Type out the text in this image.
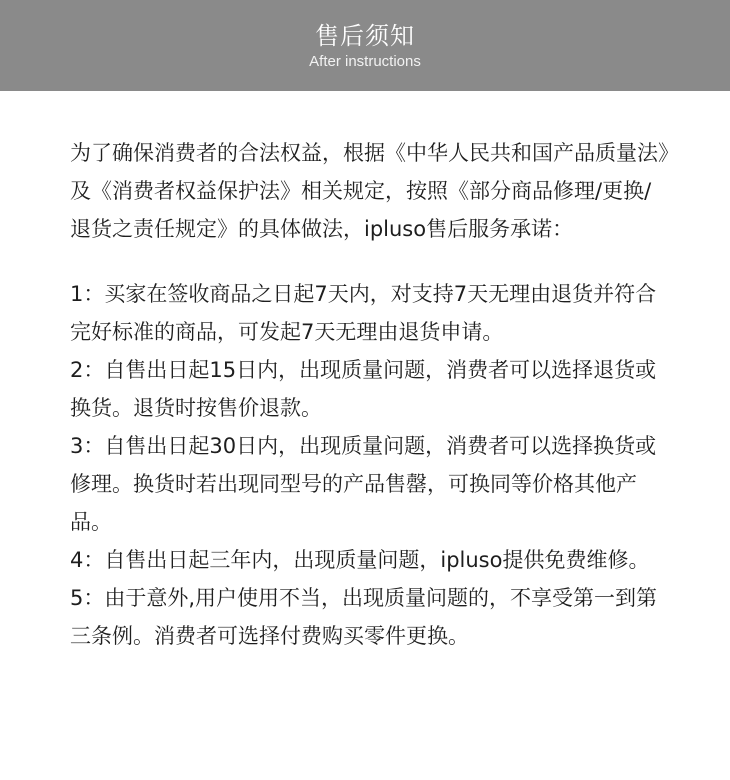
售后须知
After instructions

为了确保消费者的合法权益，根据《中华人民共和国产品质量法》及《消费者权益保护法》相关规定，按照《部分商品修理/更换/退货之责任规定》的具体做法，ipluso售后服务承诺：

1：买家在签收商品之日起7天内，对支持7天无理由退货并符合完好标准的商品，可发起7天无理由退货申请。

2：自售出日起15日内，出现质量问题，消费者可以选择退货或换货。退货时按售价退款。

3：自售出日起30日内，出现质量问题，消费者可以选择换货或修理。换货时若出现同型号的产品售罄，可换同等价格其他产品。

4：自售出日起三年内，出现质量问题，ipluso提供免费维修。

5：由于意外,用户使用不当，出现质量问题的，不享受第一到第三条例。消费者可选择付费购买零件更换。
